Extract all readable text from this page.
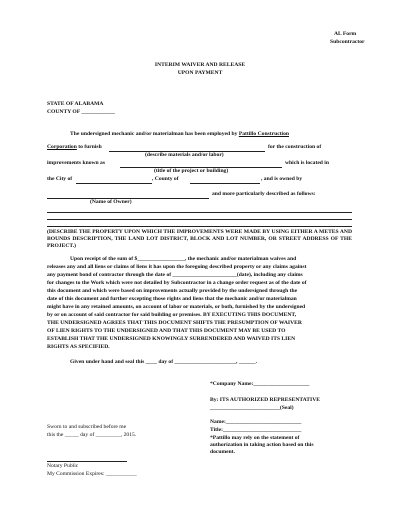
AL Form
Subcontractor
INTERIM WAIVER AND RELEASE
UPON PAYMENT
STATE OF ALABAMA
COUNTY OF ____________
The undersigned mechanic and/or materialman has been employed by Pattillo Construction
Corporation to furnish	for the construction of
(describe materials and/or labor)
improvements known as	which is located in
(title of the project or building)
the City of	, County of	, and is owned by
and more particularly described as follows:
(Name of Owner)
(DESCRIBE THE PROPERTY UPON WHICH THE IMPROVEMENTS WERE MADE BY USING EITHER A METES AND BOUNDS DESCRIPTION, THE LAND LOT DISTRICT, BLOCK AND LOT NUMBER, OR STREET ADDRESS OF THE PROJECT.)
Upon receipt of the sum of $_________________, the mechanic and/or materialman waives and
releases any and all liens or claims of liens it has upon the foregoing described property or any claims against
any payment bond of contractor through the date of _______________________(date), including any claims
for changes to the Work which were not detailed by Subcontractor in a change order request as of the date of
this document and which were based on improvements actually provided by the undersigned through the
date of this document and further excepting those rights and liens that the mechanic and/or materialman
might have in any retained amounts, on account of labor or materials, or both, furnished by the undersigned
by or on account of said contractor for said building or premises. BY EXECUTING THIS DOCUMENT,
THE UNDERSIGNED AGREES THAT THIS DOCUMENT SHIFTS THE PRESUMPTION OF WAIVER
OF LIEN RIGHTS TO THE UNDERSIGNED AND THAT THIS DOCUMENT MAY BE USED TO
ESTABLISH THAT THE UNDERSIGNED KNOWINGLY SURRENDERED AND WAIVED ITS LIEN
RIGHTS AS SPECIFIED.
Given under hand and seal this ____ day of ______________________, ______.
*Company Name:____________________
By: ITS AUTHORIZED REPRESENTATIVE
_________________________(Seal)
Name:___________________________
Title:____________________________
*Pattillo may rely on the statement of
authorization in taking action based on this
document.
Sworn to and subscribed before me
this the _____ day of _________, 2015.
Notary Public
My Commission Expires: ___________
